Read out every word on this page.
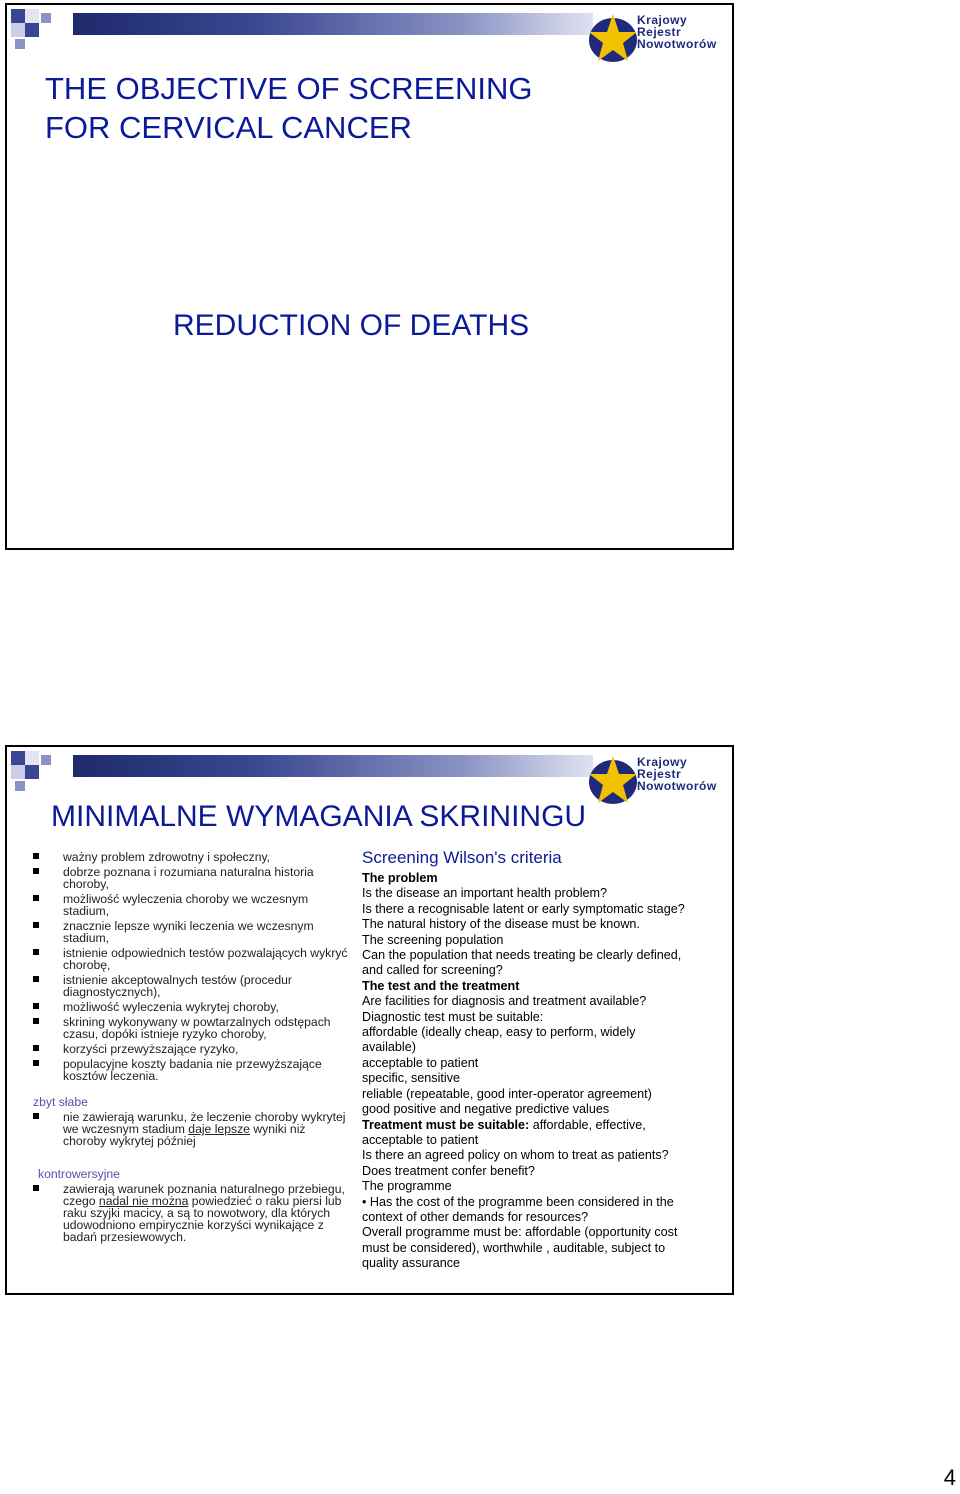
Krajowy
Rejestr
Nowotworów
THE OBJECTIVE OF SCREENING
FOR CERVICAL CANCER
REDUCTION OF DEATHS
Krajowy
Rejestr
Nowotworów
MINIMALNE WYMAGANIA SKRININGU
ważny problem zdrowotny i społeczny,
dobrze poznana i rozumiana naturalna historia choroby,
możliwość wyleczenia choroby we wczesnym stadium,
znacznie lepsze wyniki leczenia we wczesnym stadium,
istnienie odpowiednich testów pozwalających wykryć chorobę,
istnienie akceptowalnych testów (procedur diagnostycznych),
możliwość wyleczenia wykrytej choroby,
skrining wykonywany w powtarzalnych odstępach czasu, dopóki istnieje ryzyko choroby,
korzyści przewyższające ryzyko,
populacyjne koszty badania nie przewyższające kosztów leczenia.
zbyt słabe
nie zawierają warunku, że leczenie choroby wykrytej we wczesnym stadium daje lepsze wyniki niż choroby wykrytej później
kontrowersyjne
zawierają warunek poznania naturalnego przebiegu, czego nadal nie można powiedzieć o raku piersi lub raku szyjki macicy, a są to nowotwory, dla których udowodniono empirycznie korzyści wynikające z badań przesiewowych.
Screening Wilson's criteria

The problem

Is the disease an important health problem?

Is there a recognisable latent or early symptomatic stage?

The natural history of the disease must be known.

The screening population

Can the population that needs treating be clearly defined,

and called for screening?

The test and the treatment

Are facilities for diagnosis and treatment available?

Diagnostic test must be suitable:

affordable (ideally cheap, easy to perform, widely

available)

acceptable to patient

specific, sensitive

reliable (repeatable, good inter-operator agreement)

good positive and negative predictive values

Treatment must be suitable: affordable, effective,

acceptable to patient

Is there an agreed policy on whom to treat as patients?

Does treatment confer benefit?

The programme

• Has the cost of the programme been considered in the

context of other demands for resources?

Overall programme must be: affordable (opportunity cost

must be considered), worthwhile , auditable, subject to

quality assurance

4
